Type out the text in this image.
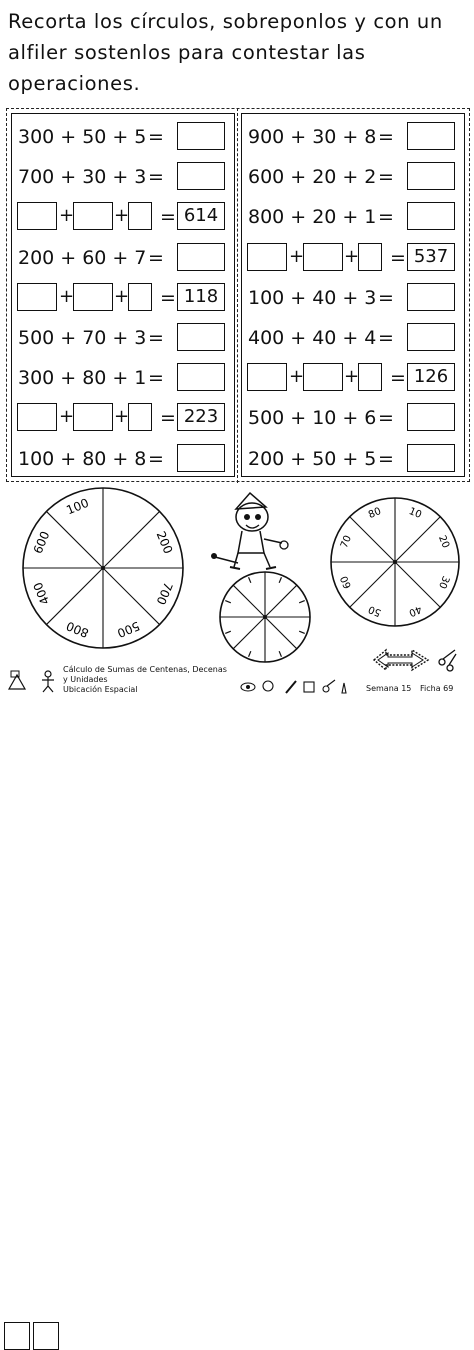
Recorta los círculos, sobreponlos y con un
alfiler sostenlos para contestar las
operaciones.
300 + 50 + 5 =
700 + 30 + 3 =
+ + = 614
200 + 60 + 7 =
+ + = 118
500 + 70 + 3 =
300 + 80 + 1 =
+ + = 223
100 + 80 + 8 =
900 + 30 + 8 =
600 + 20 + 2 =
800 + 20 + 1 =
+ + = 537
100 + 40 + 3 =
400 + 40 + 4 =
+ + = 126
500 + 10 + 6 =
200 + 50 + 5 =
200
700
500
800
400
600
100	10
20
30
40
50
60
70
80
Cálculo de Sumas de Centenas, Decenas
y Unidades
Ubicación Espacial	Semana 15 Ficha 69
